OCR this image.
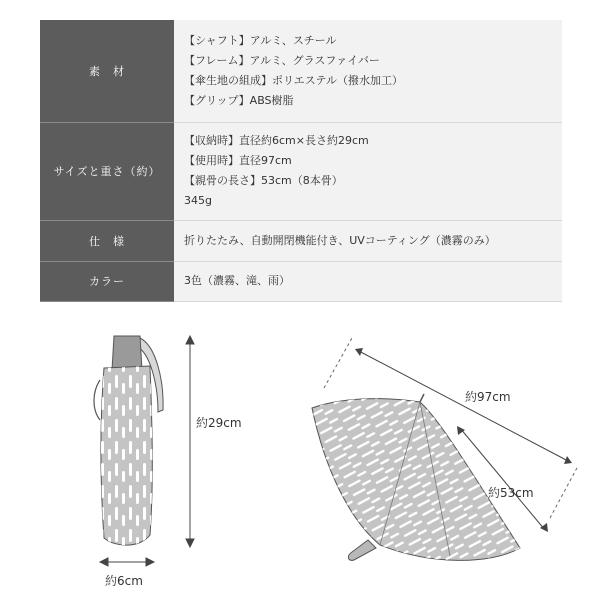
素　材	【シャフト】アルミ、スチール
【フレーム】アルミ、グラスファイバー
【傘生地の組成】ポリエステル（撥水加工）
【グリップ】ABS樹脂

サイズと重さ（約）	【収納時】直径約6cm×長さ約29cm
【使用時】直径97cm
【親骨の長さ】53cm（8本骨）
345g

仕　様	折りたたみ、自動開閉機能付き、UVコーティング（濃霧のみ）

カラー	3色（濃霧、滝、雨）
約29cm
約6cm
約97cm
約53cm
